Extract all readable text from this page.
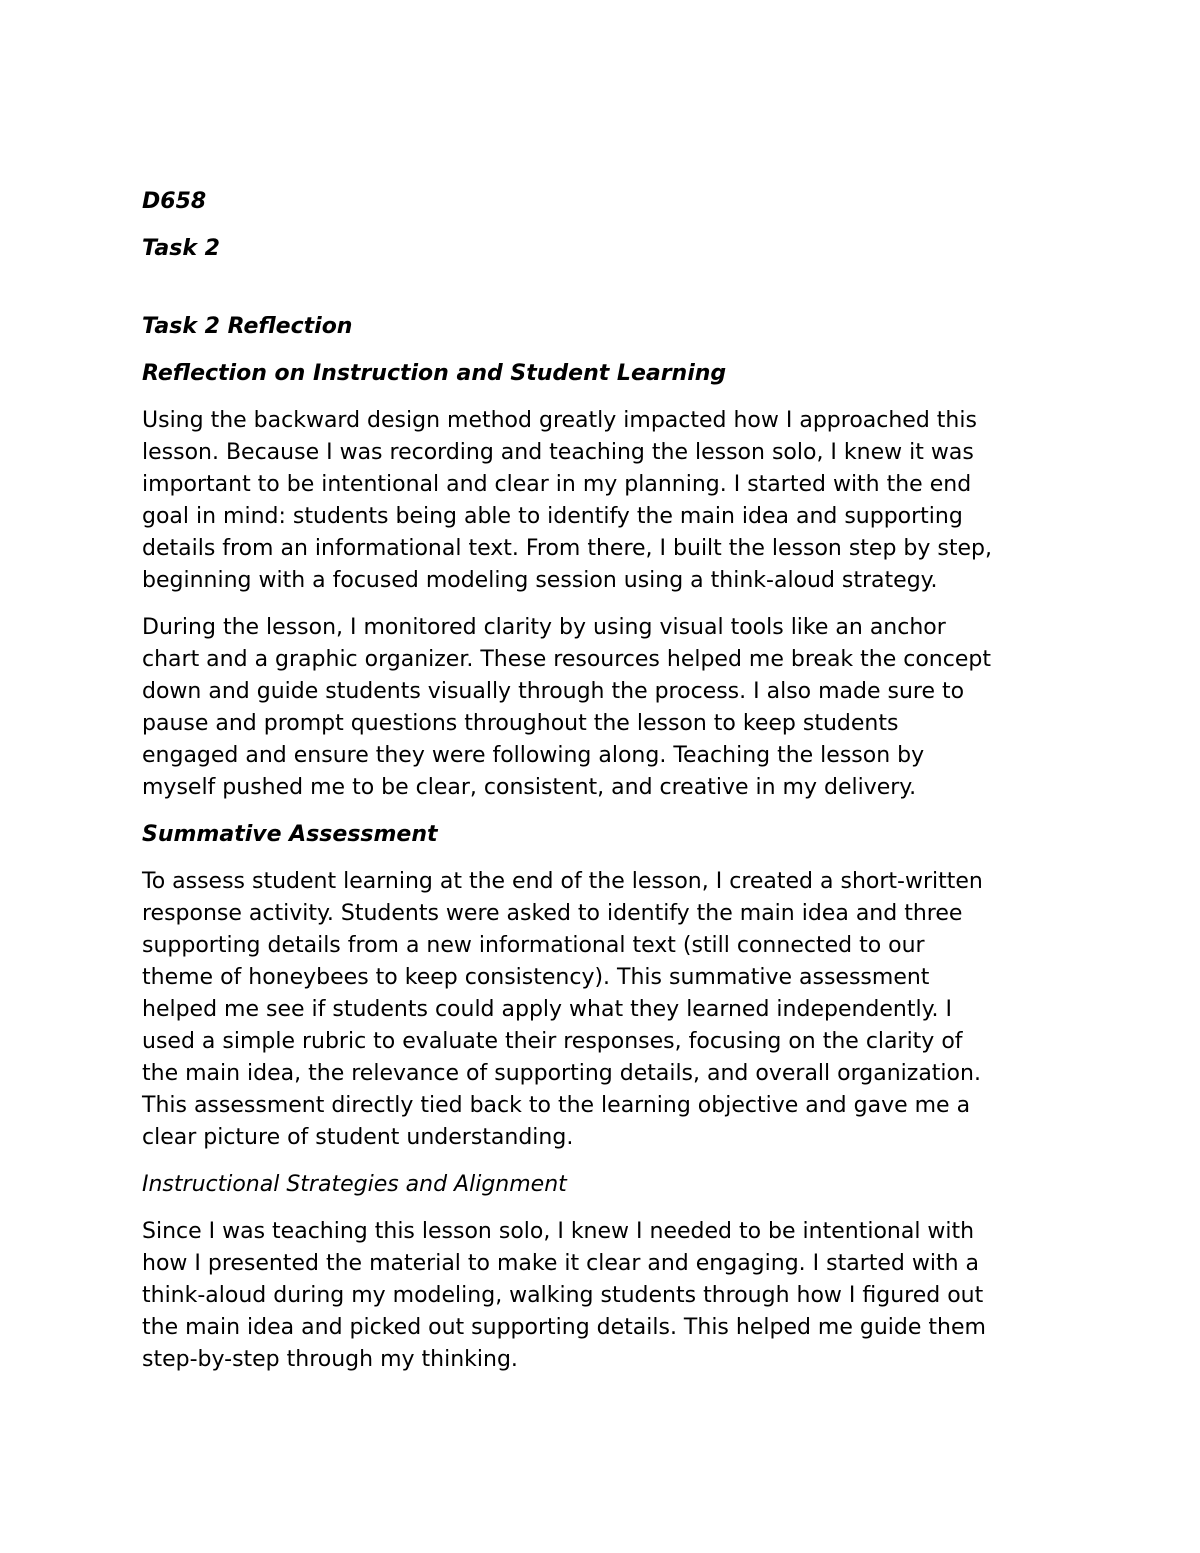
D658

Task 2

Task 2 Reflection

Reflection on Instruction and Student Learning

Using the backward design method greatly impacted how I approached this
lesson. Because I was recording and teaching the lesson solo, I knew it was
important to be intentional and clear in my planning. I started with the end
goal in mind: students being able to identify the main idea and supporting
details from an informational text. From there, I built the lesson step by step,
beginning with a focused modeling session using a think-aloud strategy.

During the lesson, I monitored clarity by using visual tools like an anchor
chart and a graphic organizer. These resources helped me break the concept
down and guide students visually through the process. I also made sure to
pause and prompt questions throughout the lesson to keep students
engaged and ensure they were following along. Teaching the lesson by
myself pushed me to be clear, consistent, and creative in my delivery.

Summative Assessment

To assess student learning at the end of the lesson, I created a short-written
response activity. Students were asked to identify the main idea and three
supporting details from a new informational text (still connected to our
theme of honeybees to keep consistency). This summative assessment
helped me see if students could apply what they learned independently. I
used a simple rubric to evaluate their responses, focusing on the clarity of
the main idea, the relevance of supporting details, and overall organization.
This assessment directly tied back to the learning objective and gave me a
clear picture of student understanding.

Instructional Strategies and Alignment

Since I was teaching this lesson solo, I knew I needed to be intentional with
how I presented the material to make it clear and engaging. I started with a
think-aloud during my modeling, walking students through how I figured out
the main idea and picked out supporting details. This helped me guide them
step-by-step through my thinking.
